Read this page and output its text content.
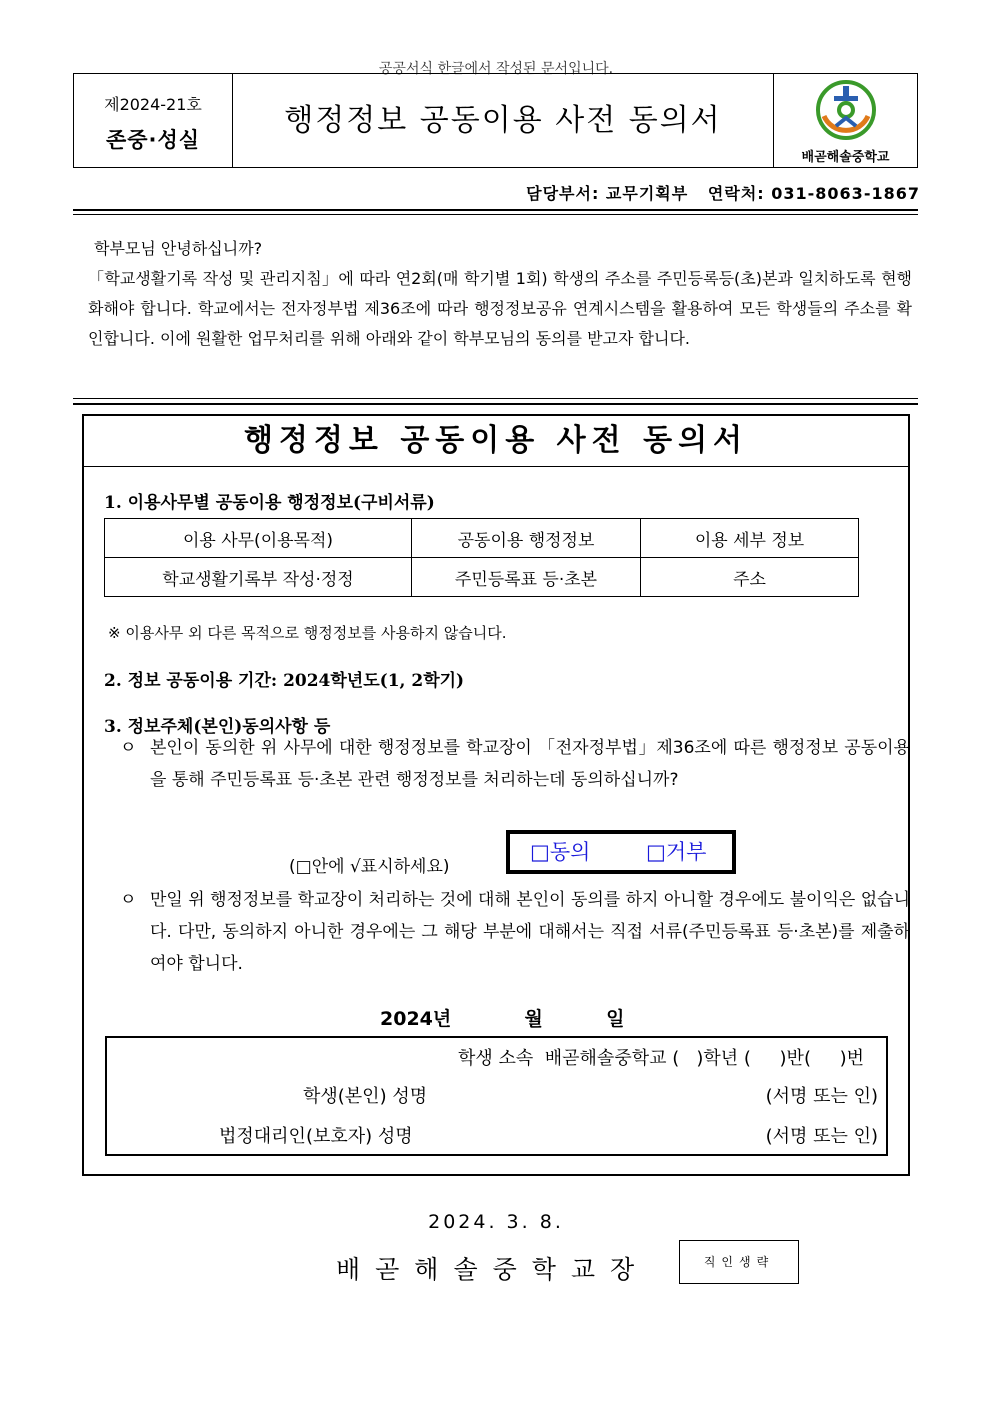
공공서식 한글에서 작성된 문서입니다.
제2024-21호
존중·성실
행정정보 공동이용 사전 동의서
배곧해솔중학교
담당부서: 교무기획부   연락처: 031-8063-1867

학부모님 안녕하십니까?

「학교생활기록 작성 및 관리지침」에 따라 연2회(매 학기별 1회) 학생의 주소를 주민등록등(초)본과 일치하도록 현행화해야 합니다. 학교에서는 전자정부법 제36조에 따라 행정정보공유 연계시스템을 활용하여 모든 학생들의 주소를 확인합니다. 이에 원활한 업무처리를 위해 아래와 같이 학부모님의 동의를 받고자 합니다.

행정정보 공동이용 사전 동의서
1. 이용사무별 공동이용 행정정보(구비서류)
이용 사무(이용목적)	공동이용 행정정보	이용 세부 정보
학교생활기록부 작성·정정	주민등록표 등·초본	주소
※ 이용사무 외 다른 목적으로 행정정보를 사용하지 않습니다.
2. 정보 공동이용 기간: 2024학년도(1, 2학기)
3. 정보주체(본인)동의사항 등
ㅇ 본인이 동의한 위 사무에 대한 행정정보를 학교장이 「전자정부법」제36조에 따른 행정정보 공동이용을 통해 주민등록표 등·초본 관련 행정정보를 처리하는데 동의하십니까?
(□안에 √표시하세요)
□동의	□거부
ㅇ 만일 위 행정정보를 학교장이 처리하는 것에 대해 본인이 동의를 하지 아니할 경우에도 불이익은 없습니다. 다만, 동의하지 아니한 경우에는 그 해당 부분에 대해서는 직접 서류(주민등록표 등·초본)를 제출하여야 합니다.
2024년	월	일
학생 소속  배곧해솔중학교 (   )학년 (     )반(     )번
학생(본인) 성명	(서명 또는 인)
법정대리인(보호자) 성명	(서명 또는 인)
2024. 3. 8.
배곧해솔중학교장	직인생략
